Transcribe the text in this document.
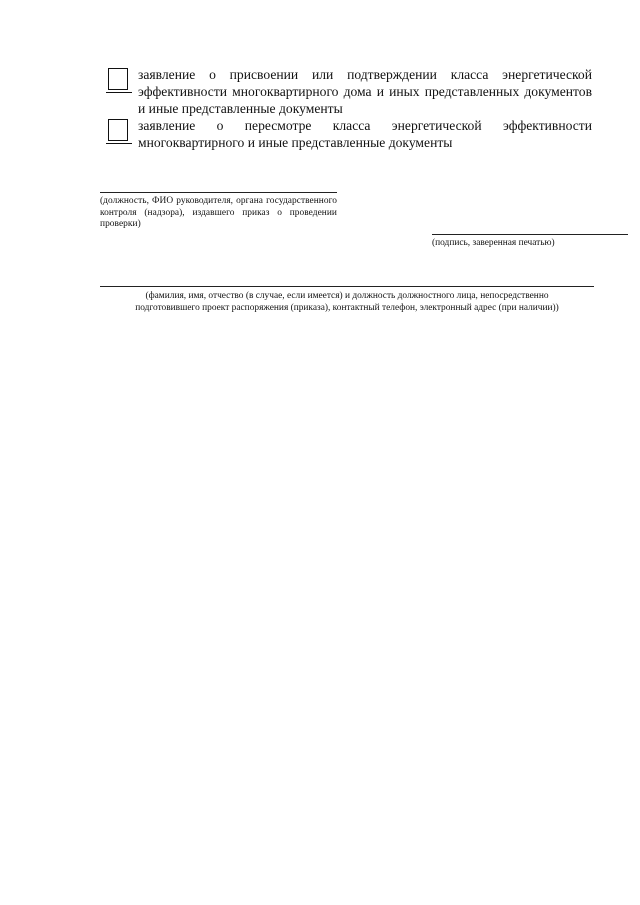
заявление о присвоении или подтверждении класса энергетической эффективности многоквартирного дома и иных представленных документов и иные представленные документы
заявление о пересмотре класса энергетической эффективности многоквартирного и иные представленные документы
(должность, ФИО руководителя, органа государственного контроля (надзора), издавшего приказ о проведении проверки)
(подпись, заверенная печатью)
(фамилия, имя, отчество (в случае, если имеется) и должность должностного лица, непосредственно
подготовившего проект распоряжения (приказа), контактный телефон, электронный адрес (при наличии))
